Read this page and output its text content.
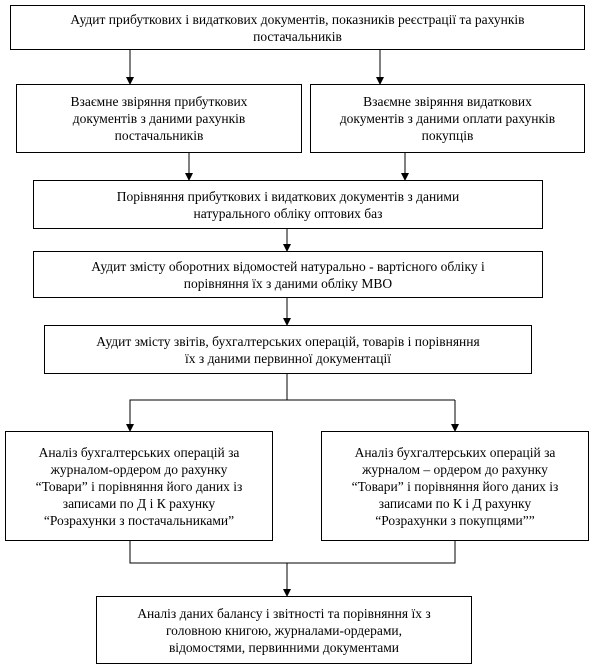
Аудит прибуткових і видаткових документів, показників реєстрації та рахунків
постачальників
Взаємне звіряння прибуткових
документів з даними рахунків
постачальників
Взаємне звіряння видаткових
документів з даними оплати рахунків
покупців
Порівняння прибуткових і видаткових документів з даними
натурального обліку оптових баз
Аудит змісту оборотних відомостей натурально - вартісного обліку і
порівняння їх з даними обліку МВО
Аудит змісту звітів, бухгалтерських операцій, товарів і порівняння
їх з даними первинної документації
Аналіз бухгалтерських операцій за
журналом-ордером до рахунку
“Товари” і порівняння його даних із
записами по Д і К рахунку
“Розрахунки з постачальниками”
Аналіз бухгалтерських операцій за
журналом – ордером до рахунку
“Товари” і порівняння його даних із
записами по К і Д рахунку
“Розрахунки з покупцями””
Аналіз даних балансу і звітності та порівняння їх з
головною книгою, журналами-ордерами,
відомостями, первинними документами
